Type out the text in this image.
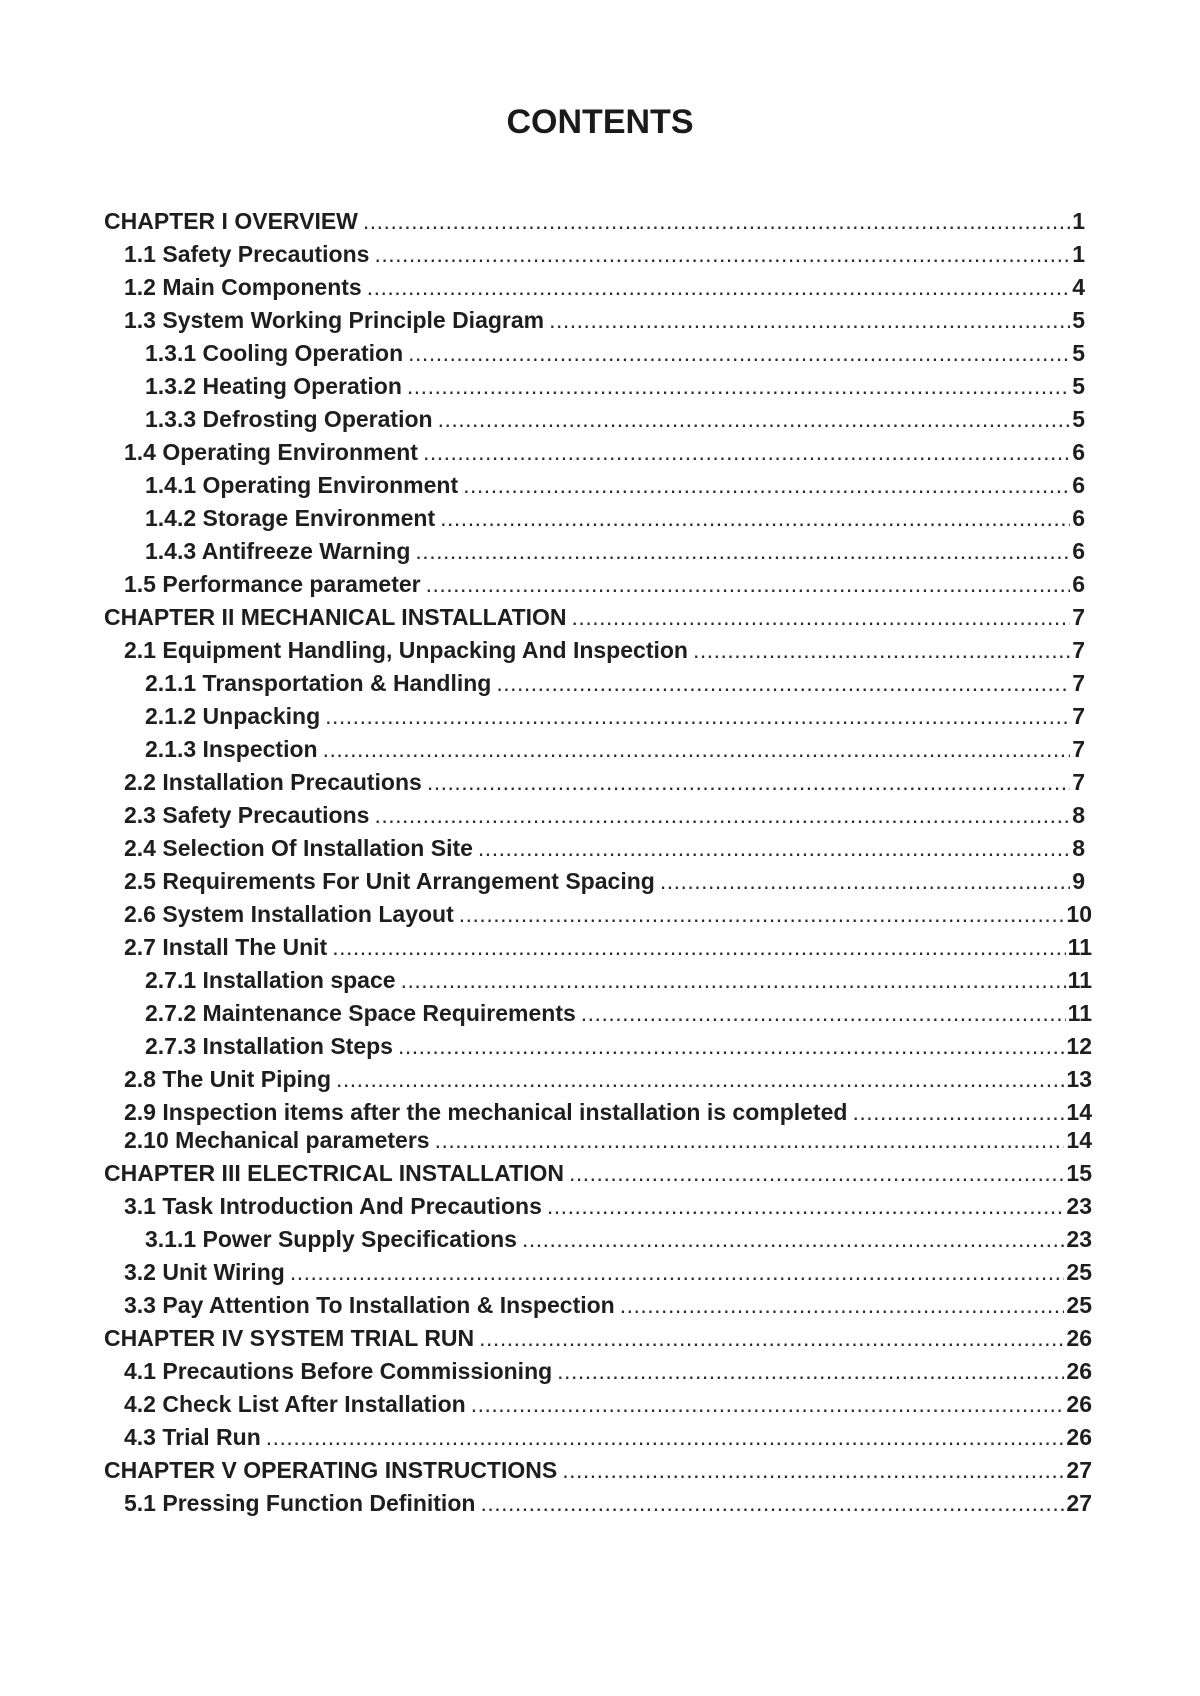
CONTENTS
CHAPTER I OVERVIEW .....	1
1.1 Safety Precautions .....	1
1.2 Main Components .....	4
1.3 System Working Principle Diagram .....	5
1.3.1 Cooling Operation .....	5
1.3.2 Heating Operation .....	5
1.3.3 Defrosting Operation .....	5
1.4 Operating Environment .....	6
1.4.1 Operating Environment .....	6
1.4.2 Storage Environment .....	6
1.4.3 Antifreeze Warning .....	6
1.5 Performance parameter .....	6
CHAPTER II MECHANICAL INSTALLATION .....	7
2.1 Equipment Handling, Unpacking And Inspection .....	7
2.1.1 Transportation & Handling .....	7
2.1.2 Unpacking .....	7
2.1.3 Inspection .....	7
2.2 Installation Precautions .....	7
2.3 Safety Precautions .....	8
2.4 Selection Of Installation Site .....	8
2.5 Requirements For Unit Arrangement Spacing .....	9
2.6 System Installation Layout .....	10
2.7 Install The Unit .....	11
2.7.1 Installation space .....	11
2.7.2 Maintenance Space Requirements .....	11
2.7.3 Installation Steps .....	12
2.8 The Unit Piping .....	13
2.9 Inspection items after the mechanical installation is completed .....	14
2.10 Mechanical parameters .....	14
CHAPTER III ELECTRICAL INSTALLATION .....	15
3.1 Task Introduction And Precautions .....	23
3.1.1 Power Supply Specifications .....	23
3.2 Unit Wiring .....	25
3.3 Pay Attention To Installation & Inspection .....	25
CHAPTER IV SYSTEM TRIAL RUN .....	26
4.1 Precautions Before Commissioning .....	26
4.2 Check List After Installation .....	26
4.3 Trial Run .....	26
CHAPTER V OPERATING INSTRUCTIONS .....	27
5.1 Pressing Function Definition .....	27
